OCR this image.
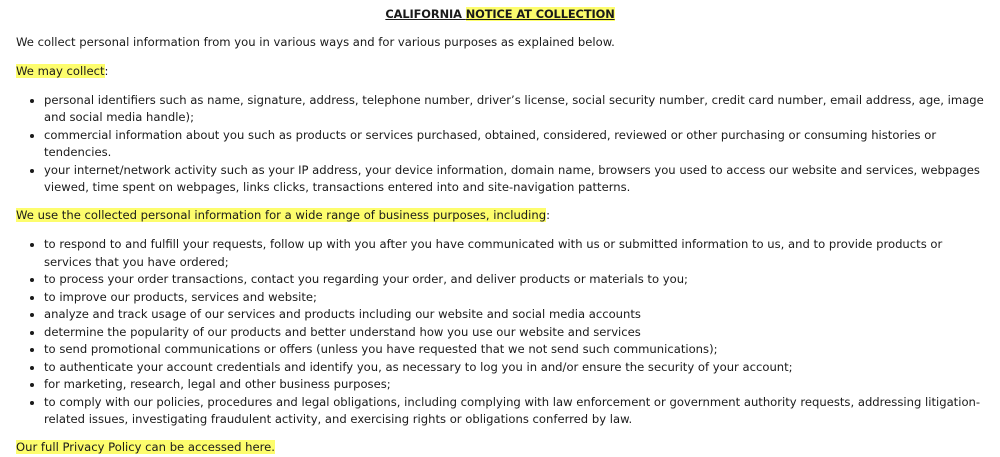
CALIFORNIA NOTICE AT COLLECTION

We collect personal information from you in various ways and for various purposes as explained below.

We may collect:

• personal identifiers such as name, signature, address, telephone number, driver’s license, social security number, credit card number, email address, age, image and social media handle);
• commercial information about you such as products or services purchased, obtained, considered, reviewed or other purchasing or consuming histories or tendencies.
• your internet/network activity such as your IP address, your device information, domain name, browsers you used to access our website and services, webpages viewed, time spent on webpages, links clicks, transactions entered into and site-navigation patterns.

We use the collected personal information for a wide range of business purposes, including:

• to respond to and fulfill your requests, follow up with you after you have communicated with us or submitted information to us, and to provide products or services that you have ordered;
• to process your order transactions, contact you regarding your order, and deliver products or materials to you;
• to improve our products, services and website;
• analyze and track usage of our services and products including our website and social media accounts
• determine the popularity of our products and better understand how you use our website and services
• to send promotional communications or offers (unless you have requested that we not send such communications);
• to authenticate your account credentials and identify you, as necessary to log you in and/or ensure the security of your account;
• for marketing, research, legal and other business purposes;
• to comply with our policies, procedures and legal obligations, including complying with law enforcement or government authority requests, addressing litigation-related issues, investigating fraudulent activity, and exercising rights or obligations conferred by law.

Our full Privacy Policy can be accessed here.
